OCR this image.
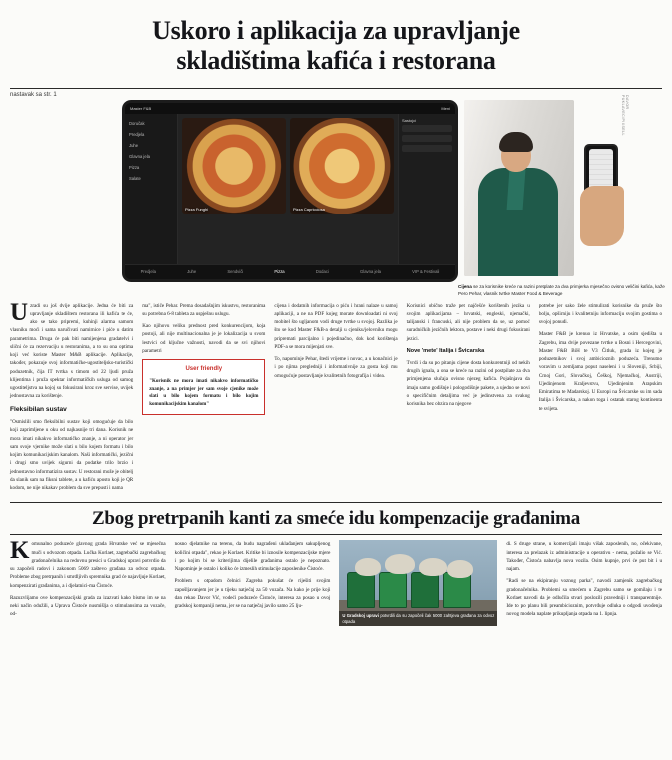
Uskoro i aplikacija za upravljanje
skladištima kafića i restorana
nastavak sa str. 1
Master F&B	Meni
Doručak
Predjela
Juhe
Glavna jela
Pizza
Salate
Pizza Funghi	Pizza Capricciosa
Sastojci
Predjela	Juhe	Sendviči	Pizza	Dodaci	Glavna jela	VIP & Festivali
DAVOR PUKLAVEC/PIXSELL
Cijena se za korisnike kreće na razini pretplate za dva primjerka mjesečno ovisno veličini kafića, kaže Pero Pehar, vlasnik tvrtke Master Food & Beverage

Uzradi su još dvije aplikacije. Jedna će biti za upravljanje skladištem restorana ili kafića te će, ako se tako pripremi, kuhinji alarma samom vlasniku moći i sama naručivati namirnice i piće u datim parametrima. Druga će pak biti namijenjena gradatelvi i slični će za rezervaciju u restoranima, a to su ona optima koji već koriste Master M&B aplikacije. Aplikacije, također, pokazuje svoj informatičke-ugostiteljsko-turistički poduzetnik, čija IT tvrtka s timom od 22 ljudi pruža klijentima i pruža spektar informatičkih usluga od samog ugostiteljstva na kojoj su fokusirani kroz sve servise, uvijek jednostavna za korištenje.

Fleksibilan sustav

"Osmislili smo fleksibilni sustav koji omogućuje da bilo koji zaprimljene u oku od najkasnije tri dana. Korisnik ne mora imati nikakvo informatičko znanje, a ni operator jer sam svoje vjernike može slati u bilo kojem formatu i bilo kojim komunikacijskim kanalom. Naši informatički, jezični i drugi smo uvijek sigurni da podatke trilo brzio i jednostavno informatizira sustav. U restorani može je obitelj da slanik sam na fiksni tablete, a u kafiću aposto koji je QR kodom, ne nije nikakav problem da sve prepusti i nama

ma", ističe Pehar. Prema dosadašnjim iskustvu, restoranima su potrebna 6-8 tableta za uspješnu uslugu.

Kao njihovu veliku prednost pred konkurencijom, koja postoji, ali nije multinacionalna je je lokalizacija u svom lestvici od ključne važnosti, navodi da se svi njihovi parametri

User friendly
"Korisnik ne mora imati nikakvo informatičko znanje, a na primjer jer sam svoje cjenike može slati u bilo kojem formatu i bilo kojim komunikacijskim kanalom"

cijena i dodatnih informacija o piću i hrani nalaze u samoj aplikaciji, a ne na PDF kojeg morate downloadati ni svoj mobitel što ugljanom vodi druge tvrtke u svojoj. Razlika je što se kod Master F&B-a detalji u cjeniku/jelovniku mogu pripremati parcijalno i pojedinačno, dok kod korištenja PDF-a se mora mijenjati sve.

To, napominje Pehar, štedi vrijeme i novac, a u konačnici je i po njima pregledniji i informativnije za gosta koji mu omogućuje postavljanje kvalitetnih fotografija i videa.

Korisnici obično traže pet najčešće korištenih jezika u svojim aplikacijama – hrvatski, engleski, njemački, talijanski i francuski, ali nije problem da se, uz pomoć suradničkih jezičnih lektora, postave i neki drugi fokusirani jezici.

Nove 'mete' Italija i Švicarska

Tvrdi i da su po pitanju cijene dosta konkurentniji od nekih drugih ignala, a ona se kreće na razini od postpilate za dva primjenjena slučaja ovisno njezeg kafića. Pojašnjava da imaju samo godišnje i pologodišnje pakete, a ujedno se novi o specifičnim detaljima već je jedinstvena za svakog korisnika bez obzira na njegove

potrebe jer sako žele stimulirati korisnike da pruže što bolju, opširniju i kvalitetniju informaciju svojim gostima o svojoj ponudi.

Master F&B je krenuo iz Hrvatske, a osim sjedišta u Zagrebu, ima dvije povezane tvrtke u Bosni i Hercegovini, Master F&B BiH te V3 Čitluk, grada iz kojeg je poduzetnikov i svoj ambicioznih poduzeća. Trenutno voravim u zemljama poput naseleni i u Sloveniji, Srbiji, Crnoj Gori, Slovačkoj, Češkoj, Njemačkoj, Austriji, Ujedinjenom Kraljevstvu, Ujedinjenim Arapskim Emiratima te Madarskoj. U Europi na Švicarske su im sada Italija i Švicarska, a nakon toga i ostatak starog kontinenta te svijeta.

Zbog pretrpanih kanti za smeće idu kompenzacije građanima

Komunalno poduzeće glavnog grada Hrvatske već se mjesečna muči s odvozom otpada. Lučka Korlaet, zagrebački zagrebačkog gradonačelnika na redovnu presici u Gradskoj upravi potvrdio da su započeli radovi i zakonom 5069 zaštevo građana za odvoz otpada. Probleme zbog pretrpanih i smrdljivih spremnika grad će najavljuje Korlaet, kompenzirati građanima, a i djelatnici-ma Čistoće.

Razuzvlijamo ove kompenzacijski grada za izazvati kako bismo im se na neki način odužili, a Uprava Čistoće nusmišlja o stimulansima za vozače, od-

nosno djelatnike na terenu, da budu nagrađeni uklađanjem sakupljenog količini otpada", rekao je Korlaet. Kritike bi iznosile kompenzacijske mjere i po kojim bi se kriterijima dijelile građanima ostalo je nepoznato. Napominje je ostalo i koliko će izmeslih stimulacije zaposlenike Čistoće.

Problem s otpadom čelnici Zagreba pokušat će riješiti svojim zapošljavanjem jer je u tijeku natječaj za 50 vozača. Na kako je prije koji dan rekao Davor Vić, vodeći poduzeće Čistoće, interesa za posao u ovoj gradskoj kompaniji nema, jer se na natječaj javilo samo 25 lju-

U Gradskoj upravi potvrdili da su započeli čak 5000 zahtjeva građana za odvoz otpada

di. S druge strane, u komercijali imaju višak zaposlenih, no, očekivane, interesa za prelazak iz administracije u operativu - nema, požalio se Vić. Također, Čistoća nabavlja nova vozila. Osim kupnje, prvi će put bit i u najam.

"Radi se na ekipiranju voznog parka", navodi zamjenik zagrebačkog gradonačelnika. Problemi sa smećem u Zagrebu samo se gomilaju i te Korlaet navodi da je odlučila stvari poslozili pravedniji i transparentnije. Ide to po planu bili preambicioznim, potvrđuje odluka o odgodi uvođenja novog modela naplate prikupljanja otpada na 1. lipnja.
